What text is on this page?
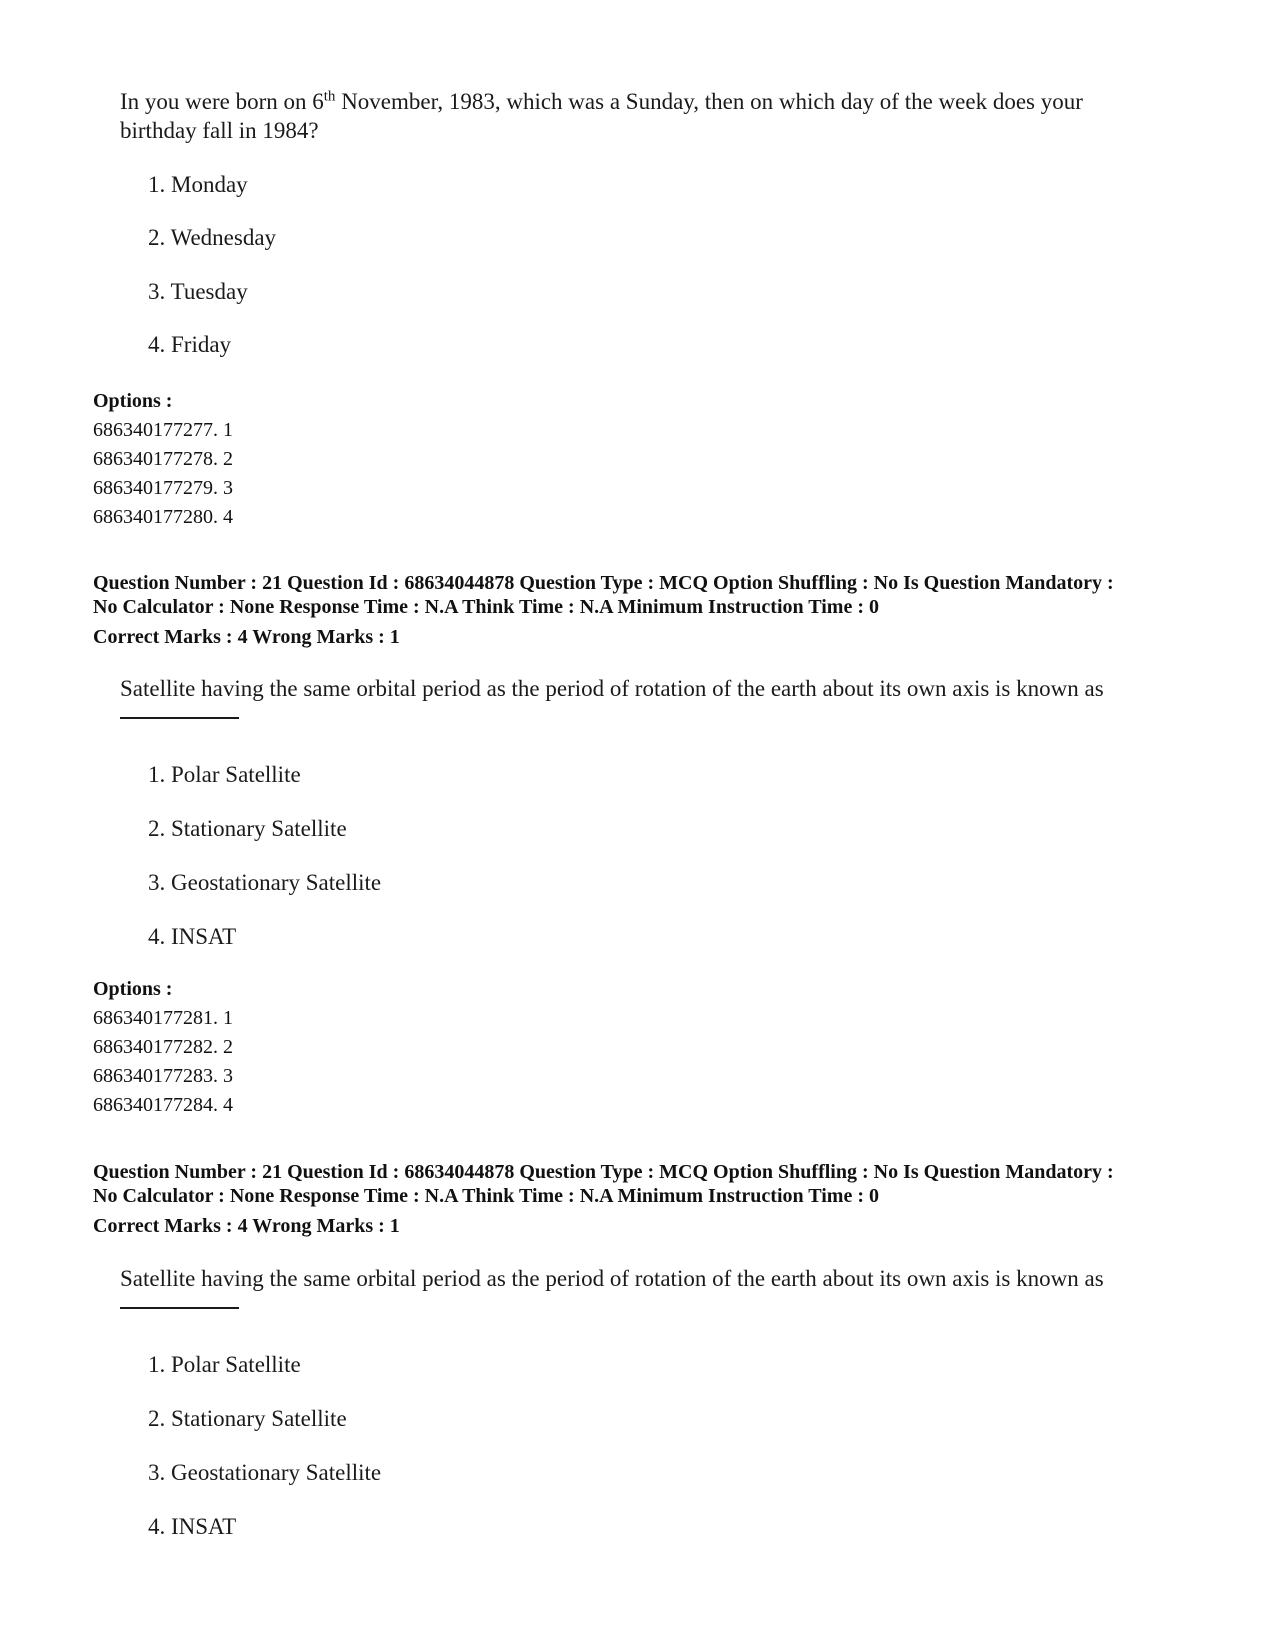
In you were born on 6th November, 1983, which was a Sunday, then on which day of the week does your birthday fall in 1984?
1. Monday
2. Wednesday
3. Tuesday
4. Friday
Options :
686340177277. 1
686340177278. 2
686340177279. 3
686340177280. 4
Question Number : 21 Question Id : 68634044878 Question Type : MCQ Option Shuffling : No Is Question Mandatory :
No Calculator : None Response Time : N.A Think Time : N.A Minimum Instruction Time : 0
Correct Marks : 4 Wrong Marks : 1
Satellite having the same orbital period as the period of rotation of the earth about its own axis is known as
1. Polar Satellite
2. Stationary Satellite
3. Geostationary Satellite
4. INSAT
Options :
686340177281. 1
686340177282. 2
686340177283. 3
686340177284. 4
Question Number : 21 Question Id : 68634044878 Question Type : MCQ Option Shuffling : No Is Question Mandatory :
No Calculator : None Response Time : N.A Think Time : N.A Minimum Instruction Time : 0
Correct Marks : 4 Wrong Marks : 1
Satellite having the same orbital period as the period of rotation of the earth about its own axis is known as
1. Polar Satellite
2. Stationary Satellite
3. Geostationary Satellite
4. INSAT
